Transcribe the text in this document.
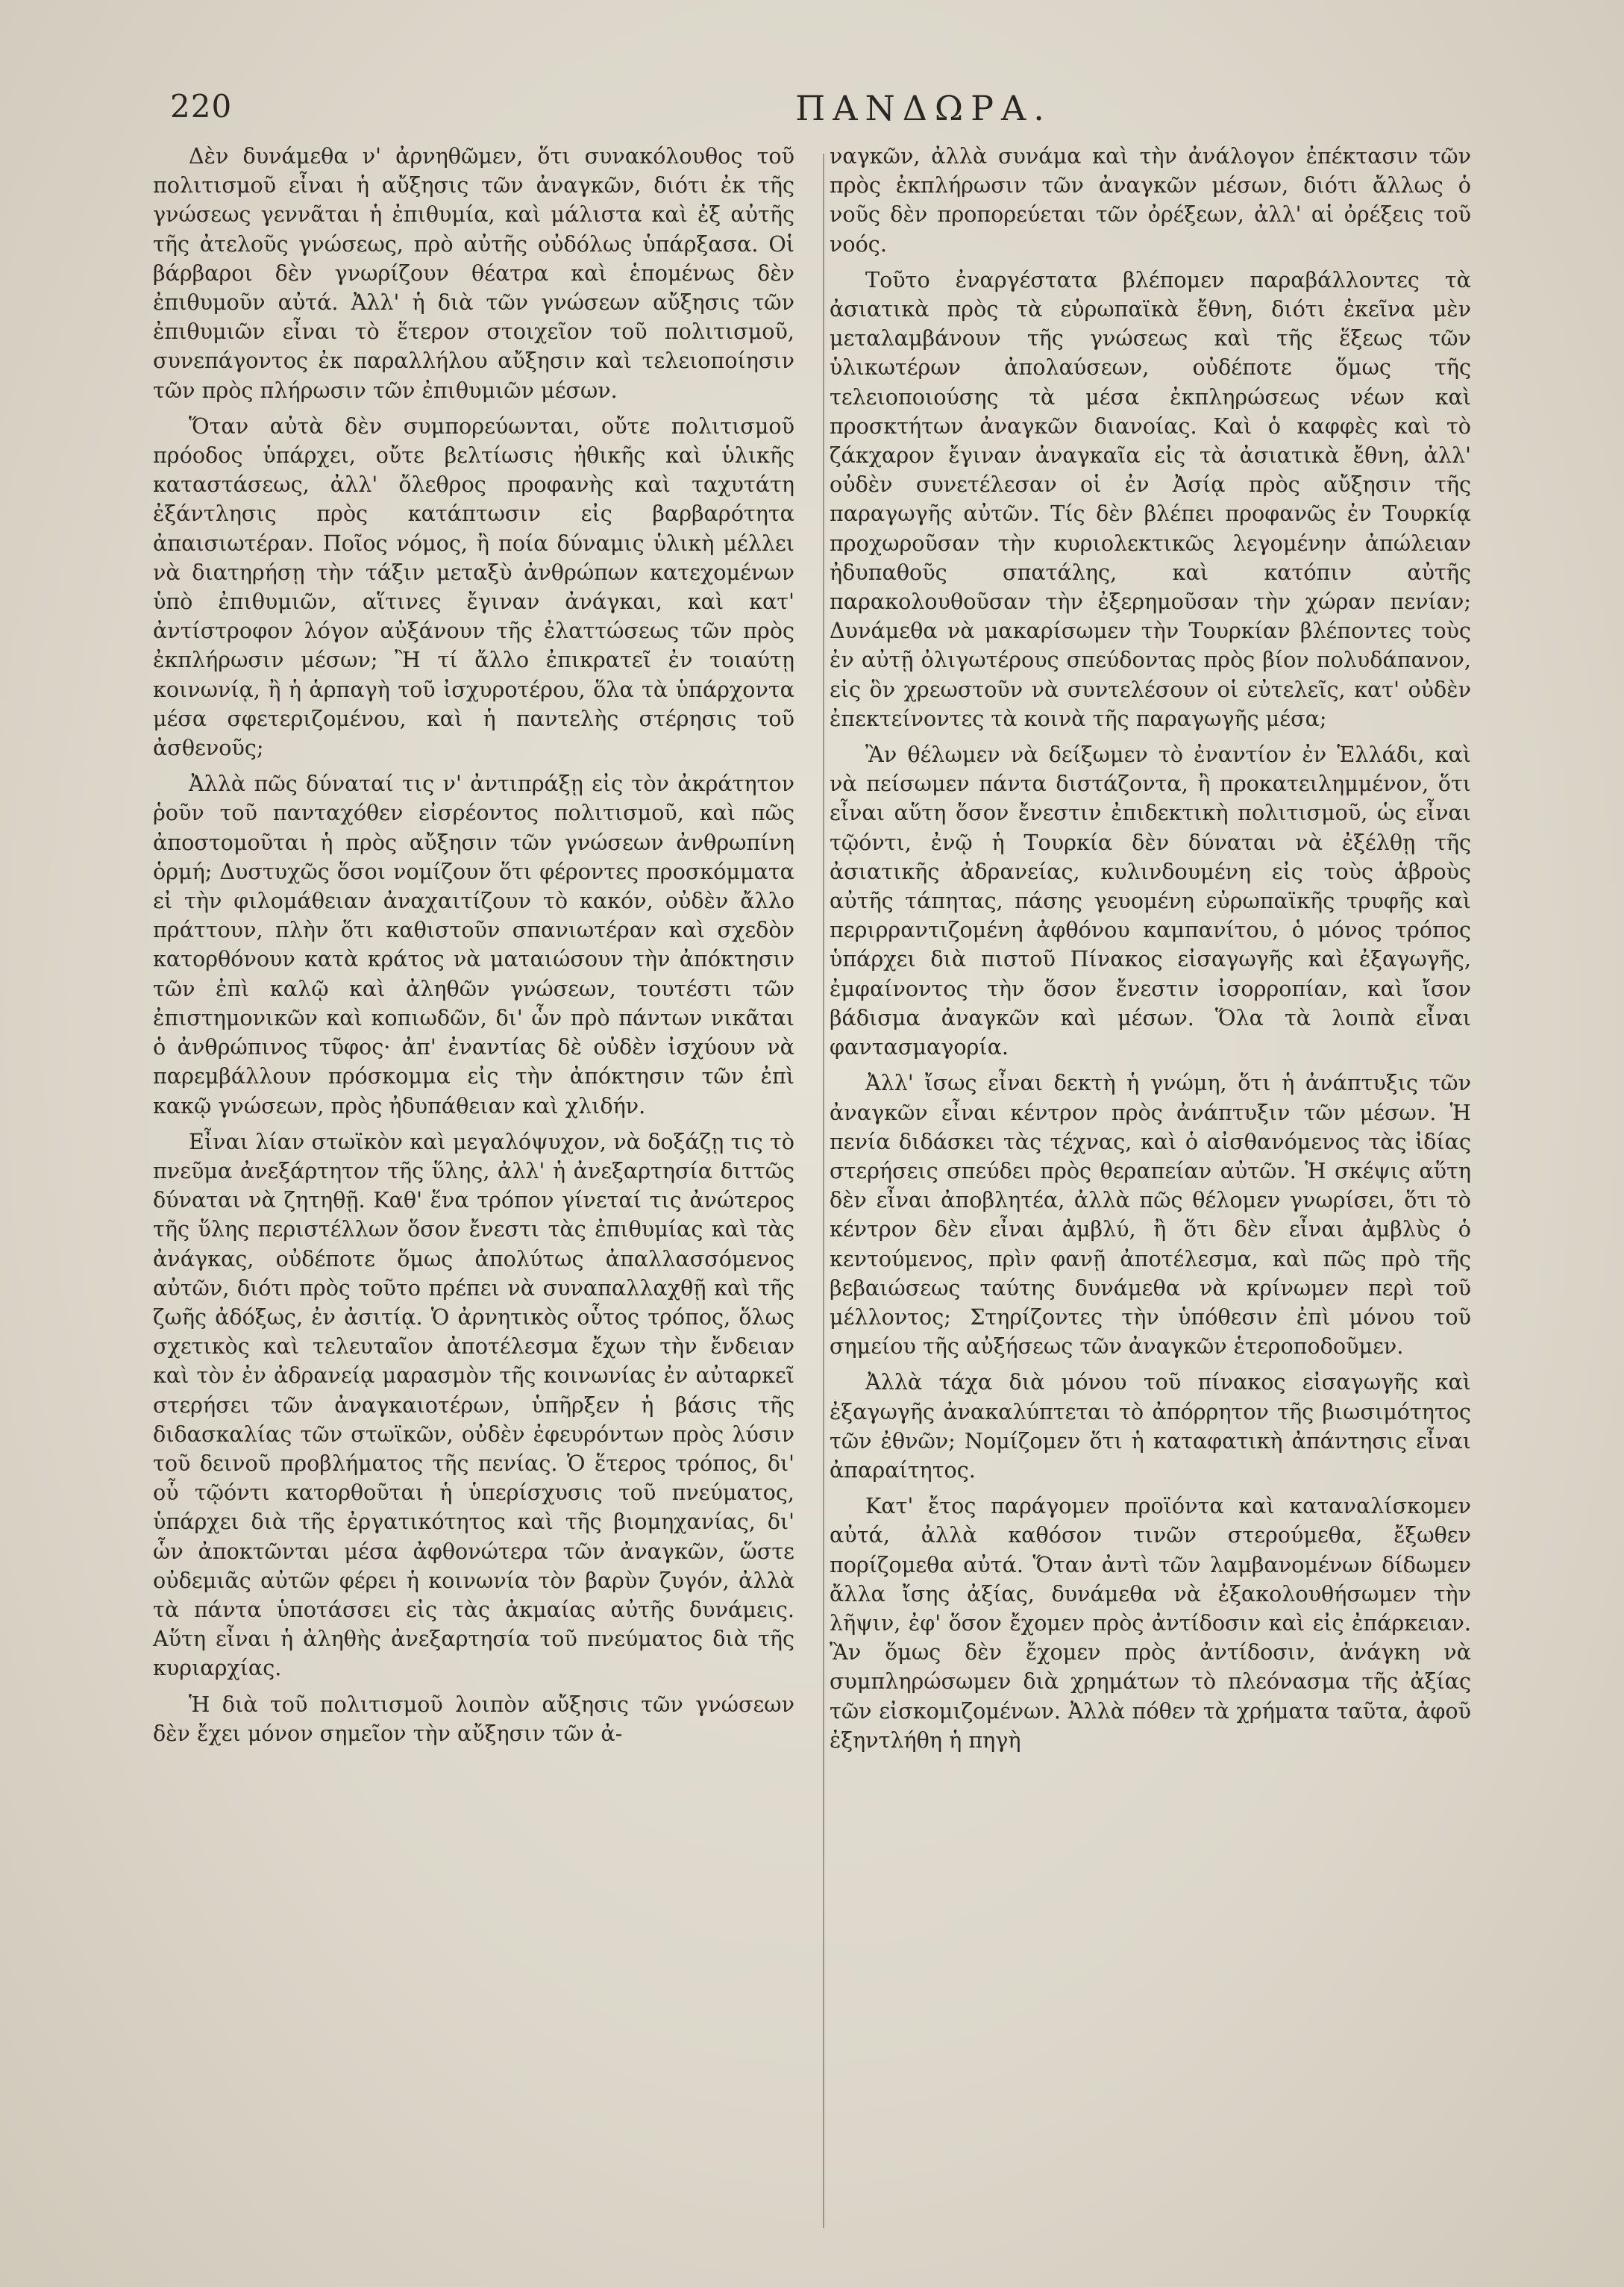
220	ΠΑΝΔΩΡΑ.

Δὲν δυνάμεθα ν' ἀρνηθῶμεν, ὅτι συνακόλουθος τοῦ πολιτισμοῦ εἶναι ἡ αὔξησις τῶν ἀναγκῶν, διότι ἐκ τῆς γνώσεως γεννᾶται ἡ ἐπιθυμία, καὶ μάλιστα καὶ ἐξ αὐτῆς τῆς ἀτελοῦς γνώσεως, πρὸ αὐτῆς οὐδόλως ὑπάρξασα. Οἱ βάρβαροι δὲν γνωρίζουν θέατρα καὶ ἑπομένως δὲν ἐπιθυμοῦν αὐτά. Ἀλλ' ἡ διὰ τῶν γνώσεων αὔξησις τῶν ἐπιθυμιῶν εἶναι τὸ ἕτερον στοιχεῖον τοῦ πολιτισμοῦ, συνεπάγοντος ἐκ παραλλήλου αὔξησιν καὶ τελειοποίησιν τῶν πρὸς πλήρωσιν τῶν ἐπιθυμιῶν μέσων.

Ὅταν αὐτὰ δὲν συμπορεύωνται, οὔτε πολιτισμοῦ πρόοδος ὑπάρχει, οὔτε βελτίωσις ἠθικῆς καὶ ὑλικῆς καταστάσεως, ἀλλ' ὄλεθρος προφανὴς καὶ ταχυτάτη ἐξάντλησις πρὸς κατάπτωσιν εἰς βαρβαρότητα ἀπαισιωτέραν. Ποῖος νόμος, ἢ ποία δύναμις ὑλικὴ μέλλει νὰ διατηρήσῃ τὴν τάξιν μεταξὺ ἀνθρώπων κατεχομένων ὑπὸ ἐπιθυμιῶν, αἵτινες ἔγιναν ἀνάγκαι, καὶ κατ' ἀντίστροφον λόγον αὐξάνουν τῆς ἐλαττώσεως τῶν πρὸς ἐκπλήρωσιν μέσων; Ἢ τί ἄλλο ἐπικρατεῖ ἐν τοιαύτῃ κοινωνίᾳ, ἢ ἡ ἁρπαγὴ τοῦ ἰσχυροτέρου, ὅλα τὰ ὑπάρχοντα μέσα σφετεριζομένου, καὶ ἡ παντελὴς στέρησις τοῦ ἀσθενοῦς;

Ἀλλὰ πῶς δύναταί τις ν' ἀντιπράξῃ εἰς τὸν ἀκράτητον ῥοῦν τοῦ πανταχόθεν εἰσρέοντος πολιτισμοῦ, καὶ πῶς ἀποστομοῦται ἡ πρὸς αὔξησιν τῶν γνώσεων ἀνθρωπίνη ὁρμή; Δυστυχῶς ὅσοι νομίζουν ὅτι φέροντες προσκόμματα εἰ τὴν φιλομάθειαν ἀναχαιτίζουν τὸ κακόν, οὐδὲν ἄλλο πράττουν, πλὴν ὅτι καθιστοῦν σπανιωτέραν καὶ σχεδὸν κατορθόνουν κατὰ κράτος νὰ ματαιώσουν τὴν ἀπόκτησιν τῶν ἐπὶ καλῷ καὶ ἀληθῶν γνώσεων, τουτέστι τῶν ἐπιστημονικῶν καὶ κοπιωδῶν, δι' ὧν πρὸ πάντων νικᾶται ὁ ἀνθρώπινος τῦφος· ἀπ' ἐναντίας δὲ οὐδὲν ἰσχύουν νὰ παρεμβάλλουν πρόσκομμα εἰς τὴν ἀπόκτησιν τῶν ἐπὶ κακῷ γνώσεων, πρὸς ἠδυπάθειαν καὶ χλιδήν.

Εἶναι λίαν στωϊκὸν καὶ μεγαλόψυχον, νὰ δοξάζῃ τις τὸ πνεῦμα ἀνεξάρτητον τῆς ὕλης, ἀλλ' ἡ ἀνεξαρτησία διττῶς δύναται νὰ ζητηθῇ. Καθ' ἕνα τρόπον γίνεταί τις ἀνώτερος τῆς ὕλης περιστέλλων ὅσον ἔνεστι τὰς ἐπιθυμίας καὶ τὰς ἀνάγκας, οὐδέποτε ὅμως ἀπολύτως ἀπαλλασσόμενος αὐτῶν, διότι πρὸς τοῦτο πρέπει νὰ συναπαλλαχθῇ καὶ τῆς ζωῆς ἀδόξως, ἐν ἀσιτίᾳ. Ὁ ἀρνητικὸς οὗτος τρόπος, ὅλως σχετικὸς καὶ τελευταῖον ἀποτέλεσμα ἔχων τὴν ἔνδειαν καὶ τὸν ἐν ἀδρανείᾳ μαρασμὸν τῆς κοινωνίας ἐν αὐταρκεῖ στερήσει τῶν ἀναγκαιοτέρων, ὑπῆρξεν ἡ βάσις τῆς διδασκαλίας τῶν στωϊκῶν, οὐδὲν ἐφευρόντων πρὸς λύσιν τοῦ δεινοῦ προβλήματος τῆς πενίας. Ὁ ἕτερος τρόπος, δι' οὗ τῷόντι κατορθοῦται ἡ ὑπερίσχυσις τοῦ πνεύματος, ὑπάρχει διὰ τῆς ἐργατικότητος καὶ τῆς βιομηχανίας, δι' ὧν ἀποκτῶνται μέσα ἀφθονώτερα τῶν ἀναγκῶν, ὥστε οὐδεμιᾶς αὐτῶν φέρει ἡ κοινωνία τὸν βαρὺν ζυγόν, ἀλλὰ τὰ πάντα ὑποτάσσει εἰς τὰς ἀκμαίας αὐτῆς δυνάμεις. Αὕτη εἶναι ἡ ἀληθὴς ἀνεξαρτησία τοῦ πνεύματος διὰ τῆς κυριαρχίας.

Ἡ διὰ τοῦ πολιτισμοῦ λοιπὸν αὔξησις τῶν γνώσεων δὲν ἔχει μόνον σημεῖον τὴν αὔξησιν τῶν ἀ-

ναγκῶν, ἀλλὰ συνάμα καὶ τὴν ἀνάλογον ἐπέκτασιν τῶν πρὸς ἐκπλήρωσιν τῶν ἀναγκῶν μέσων, διότι ἄλλως ὁ νοῦς δὲν προπορεύεται τῶν ὀρέξεων, ἀλλ' αἱ ὀρέξεις τοῦ νοός.

Τοῦτο ἐναργέστατα βλέπομεν παραβάλλοντες τὰ ἀσιατικὰ πρὸς τὰ εὐρωπαϊκὰ ἔθνη, διότι ἐκεῖνα μὲν μεταλαμβάνουν τῆς γνώσεως καὶ τῆς ἕξεως τῶν ὑλικωτέρων ἀπολαύσεων, οὐδέποτε ὅμως τῆς τελειοποιούσης τὰ μέσα ἐκπληρώσεως νέων καὶ προσκτήτων ἀναγκῶν διανοίας. Καὶ ὁ καφφὲς καὶ τὸ ζάκχαρον ἔγιναν ἀναγκαῖα εἰς τὰ ἀσιατικὰ ἔθνη, ἀλλ' οὐδὲν συνετέλεσαν οἱ ἐν Ἀσίᾳ πρὸς αὔξησιν τῆς παραγωγῆς αὐτῶν. Τίς δὲν βλέπει προφανῶς ἐν Τουρκίᾳ προχωροῦσαν τὴν κυριολεκτικῶς λεγομένην ἀπώλειαν ἠδυπαθοῦς σπατάλης, καὶ κατόπιν αὐτῆς παρακολουθοῦσαν τὴν ἐξερημοῦσαν τὴν χώραν πενίαν; Δυνάμεθα νὰ μακαρίσωμεν τὴν Τουρκίαν βλέποντες τοὺς ἐν αὐτῇ ὀλιγωτέρους σπεύδοντας πρὸς βίον πολυδάπανον, εἰς ὃν χρεωστοῦν νὰ συντελέσουν οἱ εὐτελεῖς, κατ' οὐδὲν ἐπεκτείνοντες τὰ κοινὰ τῆς παραγωγῆς μέσα;

Ἂν θέλωμεν νὰ δείξωμεν τὸ ἐναντίον ἐν Ἑλλάδι, καὶ νὰ πείσωμεν πάντα διστάζοντα, ἢ προκατειλημμένον, ὅτι εἶναι αὕτη ὅσον ἔνεστιν ἐπιδεκτικὴ πολιτισμοῦ, ὡς εἶναι τῷόντι, ἐνῷ ἡ Τουρκία δὲν δύναται νὰ ἐξέλθῃ τῆς ἀσιατικῆς ἀδρανείας, κυλινδουμένη εἰς τοὺς ἁβροὺς αὐτῆς τάπητας, πάσης γευομένη εὐρωπαϊκῆς τρυφῆς καὶ περιρραντιζομένη ἀφθόνου καμπανίτου, ὁ μόνος τρόπος ὑπάρχει διὰ πιστοῦ Πίνακος εἰσαγωγῆς καὶ ἐξαγωγῆς, ἐμφαίνοντος τὴν ὅσον ἔνεστιν ἰσορροπίαν, καὶ ἴσον βάδισμα ἀναγκῶν καὶ μέσων. Ὅλα τὰ λοιπὰ εἶναι φαντασμαγορία.

Ἀλλ' ἴσως εἶναι δεκτὴ ἡ γνώμη, ὅτι ἡ ἀνάπτυξις τῶν ἀναγκῶν εἶναι κέντρον πρὸς ἀνάπτυξιν τῶν μέσων. Ἡ πενία διδάσκει τὰς τέχνας, καὶ ὁ αἰσθανόμενος τὰς ἰδίας στερήσεις σπεύδει πρὸς θεραπείαν αὐτῶν. Ἡ σκέψις αὕτη δὲν εἶναι ἀποβλητέα, ἀλλὰ πῶς θέλομεν γνωρίσει, ὅτι τὸ κέντρον δὲν εἶναι ἀμβλύ, ἢ ὅτι δὲν εἶναι ἀμβλὺς ὁ κεντούμενος, πρὶν φανῇ ἀποτέλεσμα, καὶ πῶς πρὸ τῆς βεβαιώσεως ταύτης δυνάμεθα νὰ κρίνωμεν περὶ τοῦ μέλλοντος; Στηρίζοντες τὴν ὑπόθεσιν ἐπὶ μόνου τοῦ σημείου τῆς αὐξήσεως τῶν ἀναγκῶν ἑτεροποδοῦμεν.

Ἀλλὰ τάχα διὰ μόνου τοῦ πίνακος εἰσαγωγῆς καὶ ἐξαγωγῆς ἀνακαλύπτεται τὸ ἀπόρρητον τῆς βιωσιμότητος τῶν ἐθνῶν; Νομίζομεν ὅτι ἡ καταφατικὴ ἀπάντησις εἶναι ἀπαραίτητος.

Κατ' ἔτος παράγομεν προϊόντα καὶ καταναλίσκομεν αὐτά, ἀλλὰ καθόσον τινῶν στερούμεθα, ἔξωθεν πορίζομεθα αὐτά. Ὅταν ἀντὶ τῶν λαμβανομένων δίδωμεν ἄλλα ἴσης ἀξίας, δυνάμεθα νὰ ἐξακολουθήσωμεν τὴν λῆψιν, ἐφ' ὅσον ἔχομεν πρὸς ἀντίδοσιν καὶ εἰς ἐπάρκειαν. Ἂν ὅμως δὲν ἔχομεν πρὸς ἀντίδοσιν, ἀνάγκη νὰ συμπληρώσωμεν διὰ χρημάτων τὸ πλεόνασμα τῆς ἀξίας τῶν εἰσκομιζομένων. Ἀλλὰ πόθεν τὰ χρήματα ταῦτα, ἀφοῦ ἐξηντλήθη ἡ πηγὴ
